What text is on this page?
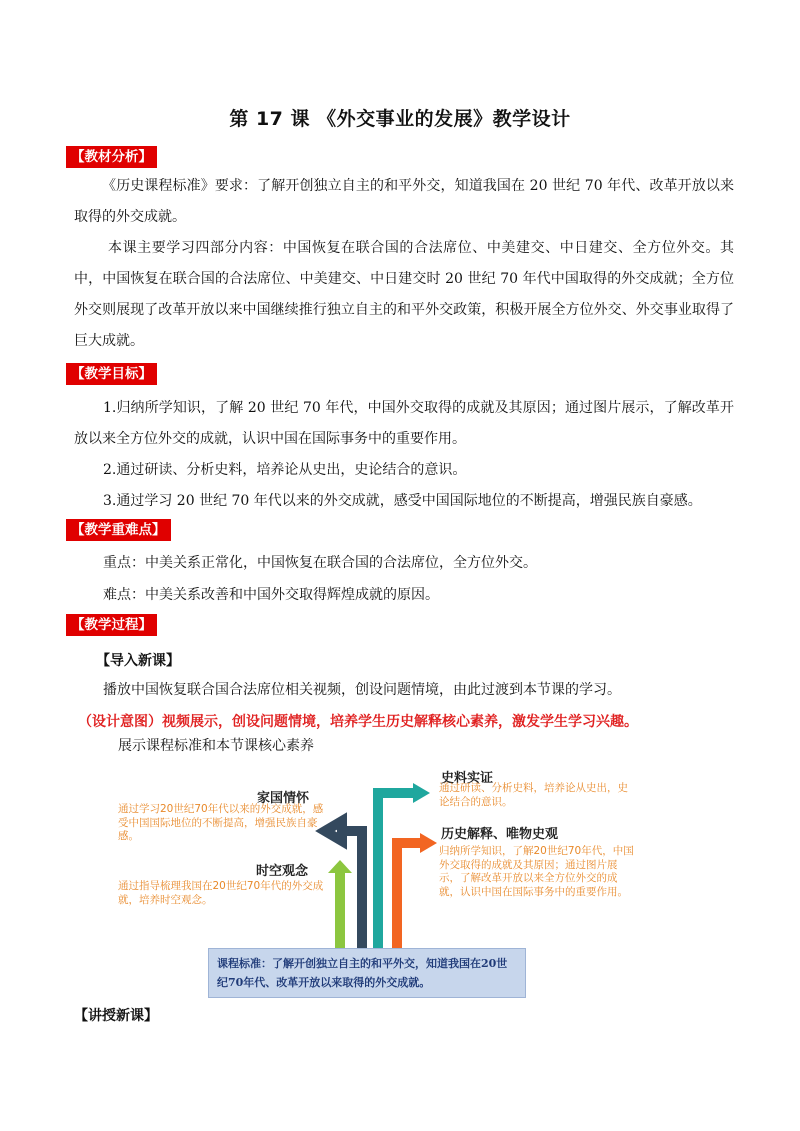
第 17 课 《外交事业的发展》教学设计
【教材分析】
《历史课程标准》要求：了解开创独立自主的和平外交，知道我国在 20 世纪 70 年代、改革开放以来取得的外交成就。
本课主要学习四部分内容：中国恢复在联合国的合法席位、中美建交、中日建交、全方位外交。其中，中国恢复在联合国的合法席位、中美建交、中日建交时 20 世纪 70 年代中国取得的外交成就；全方位外交则展现了改革开放以来中国继续推行独立自主的和平外交政策，积极开展全方位外交、外交事业取得了巨大成就。
【教学目标】
1.归纳所学知识，了解 20 世纪 70 年代，中国外交取得的成就及其原因；通过图片展示，了解改革开放以来全方位外交的成就，认识中国在国际事务中的重要作用。
2.通过研读、分析史料，培养论从史出，史论结合的意识。
3.通过学习 20 世纪 70 年代以来的外交成就，感受中国国际地位的不断提高，增强民族自豪感。
【教学重难点】
重点：中美关系正常化，中国恢复在联合国的合法席位，全方位外交。
难点：中美关系改善和中国外交取得辉煌成就的原因。
【教学过程】
【导入新课】
播放中国恢复联合国合法席位相关视频，创设问题情境，由此过渡到本节课的学习。
（设计意图）视频展示，创设问题情境，培养学生历史解释核心素养，激发学生学习兴趣。
展示课程标准和本节课核心素养
家国情怀
通过学习20世纪70年代以来的外交成就，感受中国国际地位的不断提高，增强民族自豪感。
时空观念
通过指导梳理我国在20世纪70年代的外交成就，培养时空观念。
史料实证
通过研读、分析史料，培养论从史出，史论结合的意识。
历史解释、唯物史观
归纳所学知识，了解20世纪70年代，中国外交取得的成就及其原因；通过图片展示，了解改革开放以来全方位外交的成就，认识中国在国际事务中的重要作用。
课程标准：了解开创独立自主的和平外交，知道我国在20世纪70年代、改革开放以来取得的外交成就。
【讲授新课】
